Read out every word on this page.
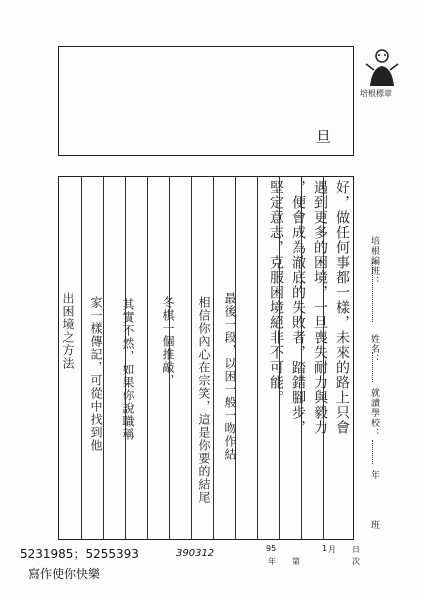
培根標章
旦
好，做任何事都一樣，未來的路上只會
遇到更多的困境，一旦喪失耐力與毅力
，便會成為澈底的失敗者，踏錯腳步，
堅定意志，克服困境絕非不可能。
最後一段，以困一般一吻作結
相信你內心在宗笑，這是你要的結尾
冬棋一個推敲，
其實不然，如果你說職稱
家一樣傳記，可從中找到他
出困境之方法
培根編班：
姓名：
就讀學校：
年
班
5231985；5255393
寫作使你快樂
390312	95
年 第
1 月 日
次
